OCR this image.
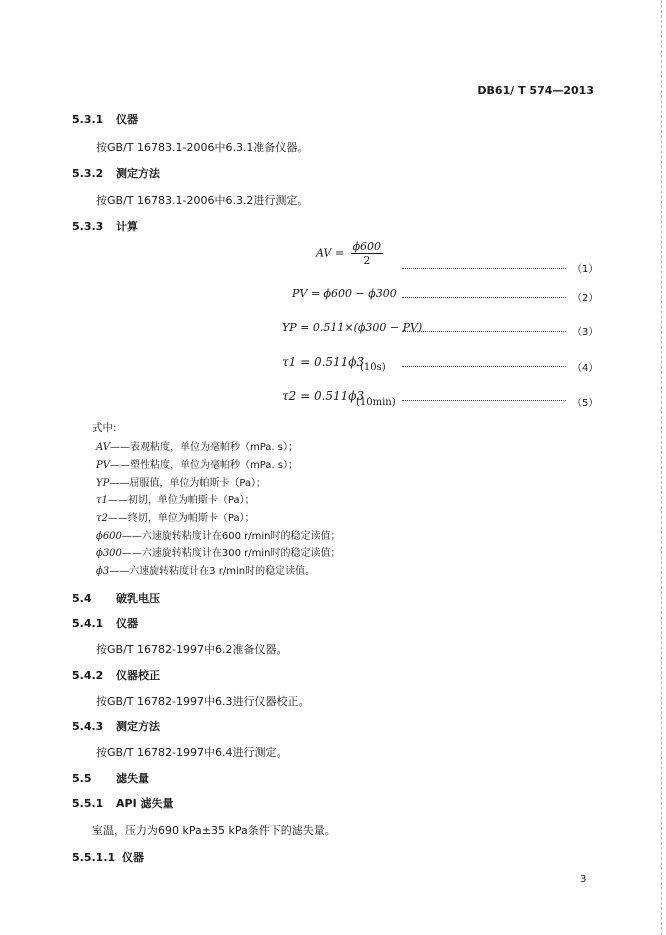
DB61/ T 574—2013
5.3.1 仪器
按GB/T 16783.1-2006中6.3.1准备仪器。
5.3.2 测定方法
按GB/T 16783.1-2006中6.3.2进行测定。
5.3.3 计算
AV = $\frac{\phi 600}{2}$
（1）
PV = ϕ600 − ϕ300	（2）
YP = 0.511×(ϕ300 − PV)	（3）
τ1 = 0.511ϕ3
(10s)	（4）
τ2 = 0.511ϕ3
(10min)	（5）
式中:
AV——表观粘度，单位为毫帕秒（mPa. s）；
PV——塑性粘度，单位为毫帕秒（mPa. s）；
YP——屈服值，单位为帕斯卡（Pa）；
τ1——初切，单位为帕斯卡（Pa）；
τ2——终切，单位为帕斯卡（Pa）；
ϕ600——六速旋转粘度计在600 r/min时的稳定读值；
ϕ300——六速旋转粘度计在300 r/min时的稳定读值；
ϕ3——六速旋转粘度计在3 r/min时的稳定读值。
5.4 破乳电压
5.4.1 仪器
按GB/T 16782-1997中6.2准备仪器。
5.4.2 仪器校正
按GB/T 16782-1997中6.3进行仪器校正。
5.4.3 测定方法
按GB/T 16782-1997中6.4进行测定。
5.5 滤失量
5.5.1 API 滤失量
室温，压力为690 kPa±35 kPa条件下的滤失量。
5.5.1.1 仪器
3
